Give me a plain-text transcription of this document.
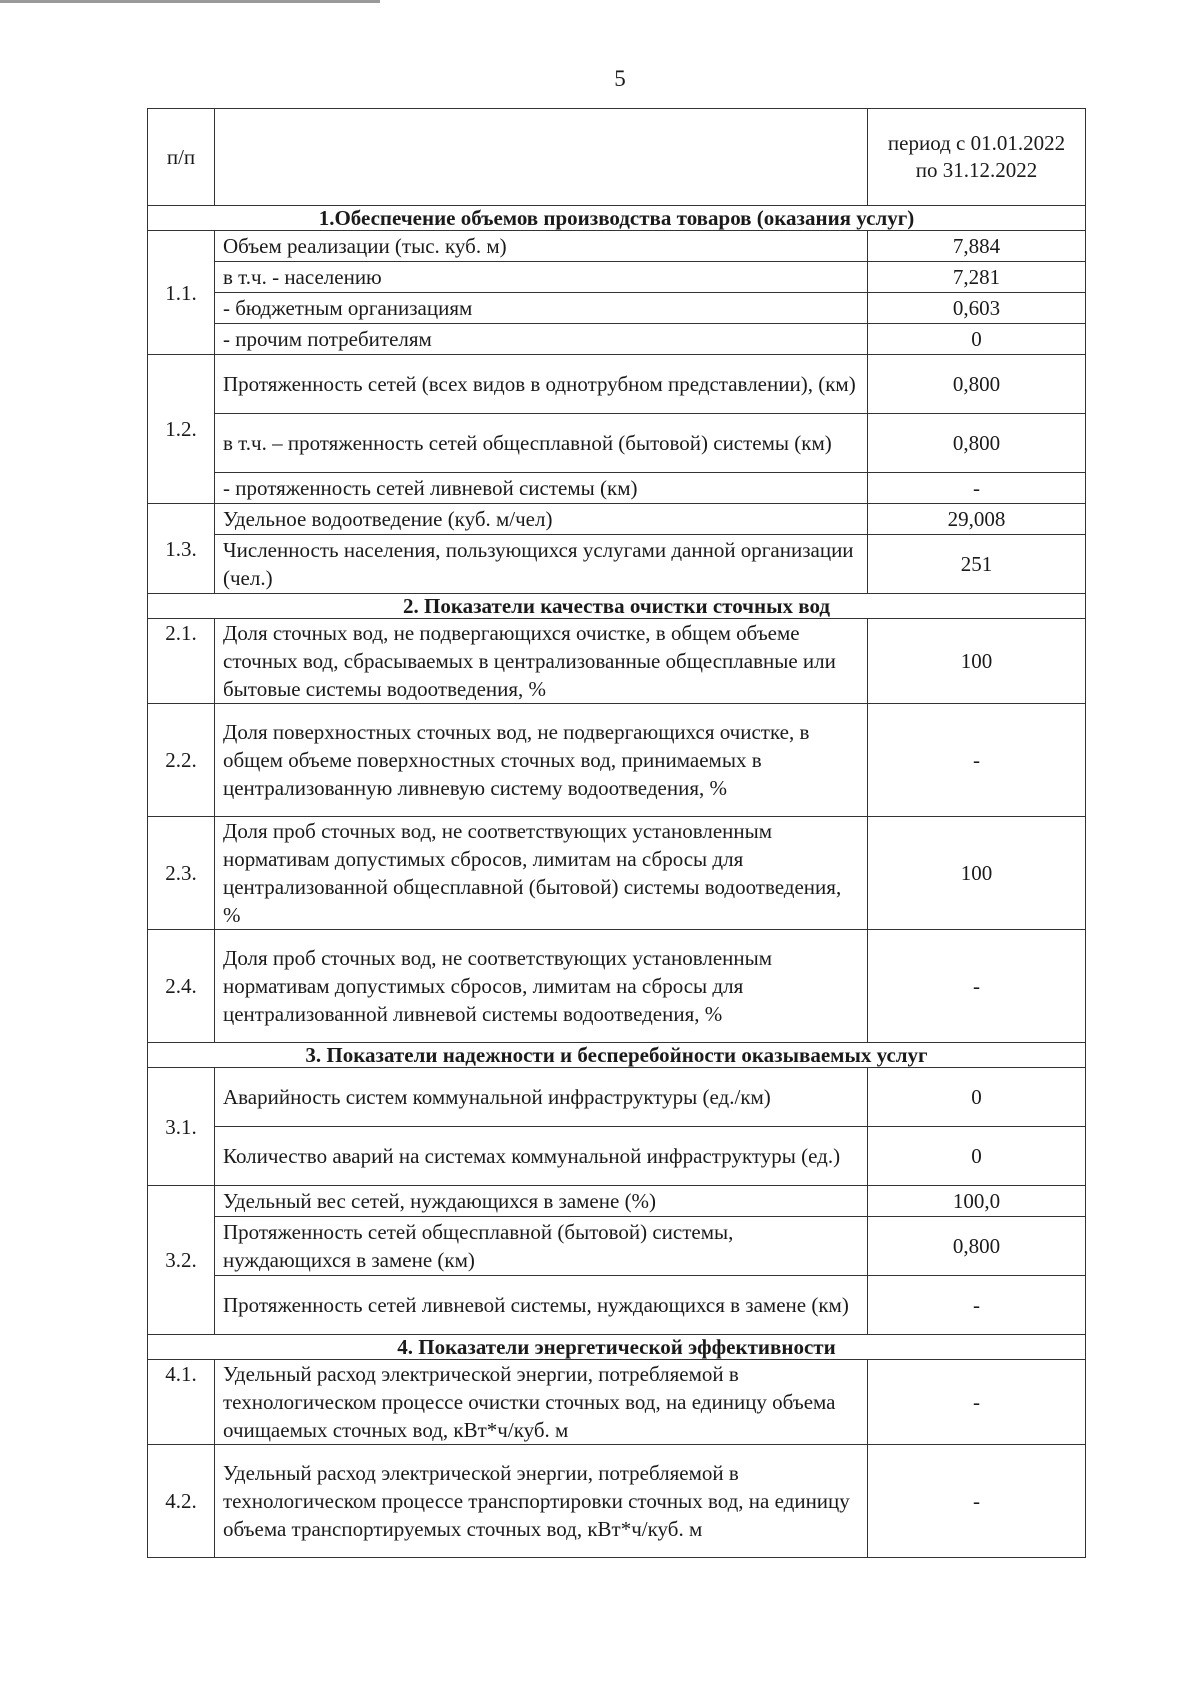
5
п/п		период с 01.01.2022 по 31.12.2022
1.Обеспечение объемов производства товаров (оказания услуг)		
1.1.	Объем реализации (тыс. куб. м)	7,884
	в т.ч. - населению	7,281
	- бюджетным организациям	0,603
	- прочим потребителям	0
1.2.	Протяженность сетей (всех видов в однотрубном представлении), (км)	0,800
	в т.ч. – протяженность сетей общесплавной (бытовой) системы (км)	0,800
	- протяженность сетей ливневой системы (км)	-
1.3.	Удельное водоотведение (куб. м/чел)	29,008
	Численность населения, пользующихся услугами данной организации (чел.)	251
2. Показатели качества очистки сточных вод		
2.1.	Доля сточных вод, не подвергающихся очистке, в общем объеме сточных вод, сбрасываемых в централизованные общесплавные или бытовые системы водоотведения, %	100
2.2.	Доля поверхностных сточных вод, не подвергающихся очистке, в общем объеме поверхностных сточных вод, принимаемых в централизованную ливневую систему водоотведения, %	-
2.3.	Доля проб сточных вод, не соответствующих установленным нормативам допустимых сбросов, лимитам на сбросы для централизованной общесплавной (бытовой) системы водоотведения, %	100
2.4.	Доля проб сточных вод, не соответствующих установленным нормативам допустимых сбросов, лимитам на сбросы для централизованной ливневой системы водоотведения, %	-
3. Показатели надежности и бесперебойности оказываемых услуг		
3.1.	Аварийность систем коммунальной инфраструктуры (ед./км)	0
	Количество аварий на системах коммунальной инфраструктуры (ед.)	0
3.2.	Удельный вес сетей, нуждающихся в замене (%)	100,0
	Протяженность сетей общесплавной (бытовой) системы, нуждающихся в замене (км)	0,800
	Протяженность сетей ливневой системы, нуждающихся в замене (км)	-
4. Показатели энергетической эффективности		
4.1.	Удельный расход электрической энергии, потребляемой в технологическом процессе очистки сточных вод, на единицу объема очищаемых сточных вод, кВт*ч/куб. м	-
4.2.	Удельный расход электрической энергии, потребляемой в технологическом процессе транспортировки сточных вод, на единицу объема транспортируемых сточных вод, кВт*ч/куб. м	-
